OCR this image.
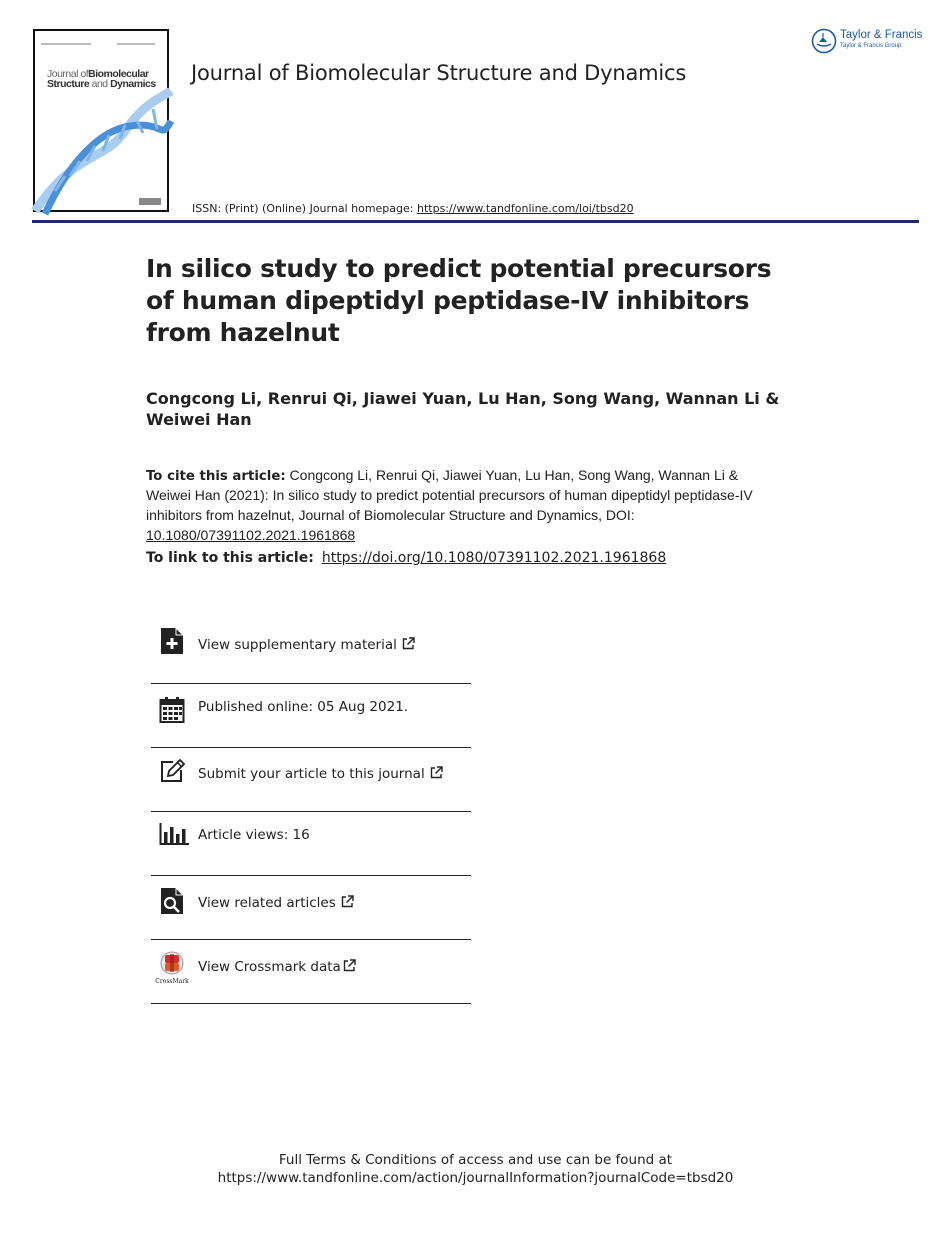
Journal ofBiomolecular
Structure and Dynamics	Journal of Biomolecular Structure and Dynamics
ISSN: (Print) (Online) Journal homepage: https://www.tandfonline.com/loi/tbsd20
Taylor & Francis
Taylor & Francis Group
In silico study to predict potential precursors of human dipeptidyl peptidase-IV inhibitors from hazelnut
Congcong Li, Renrui Qi, Jiawei Yuan, Lu Han, Song Wang, Wannan Li & Weiwei Han
To cite this article: Congcong Li, Renrui Qi, Jiawei Yuan, Lu Han, Song Wang, Wannan Li & Weiwei Han (2021): In silico study to predict potential precursors of human dipeptidyl peptidase-IV inhibitors from hazelnut, Journal of Biomolecular Structure and Dynamics, DOI: 10.1080/07391102.2021.1961868
To link to this article: https://doi.org/10.1080/07391102.2021.1961868
View supplementary material
Published online: 05 Aug 2021.
Submit your article to this journal
Article views: 16
View related articles
CrossMark
View Crossmark data
Full Terms & Conditions of access and use can be found at
https://www.tandfonline.com/action/journalInformation?journalCode=tbsd20
